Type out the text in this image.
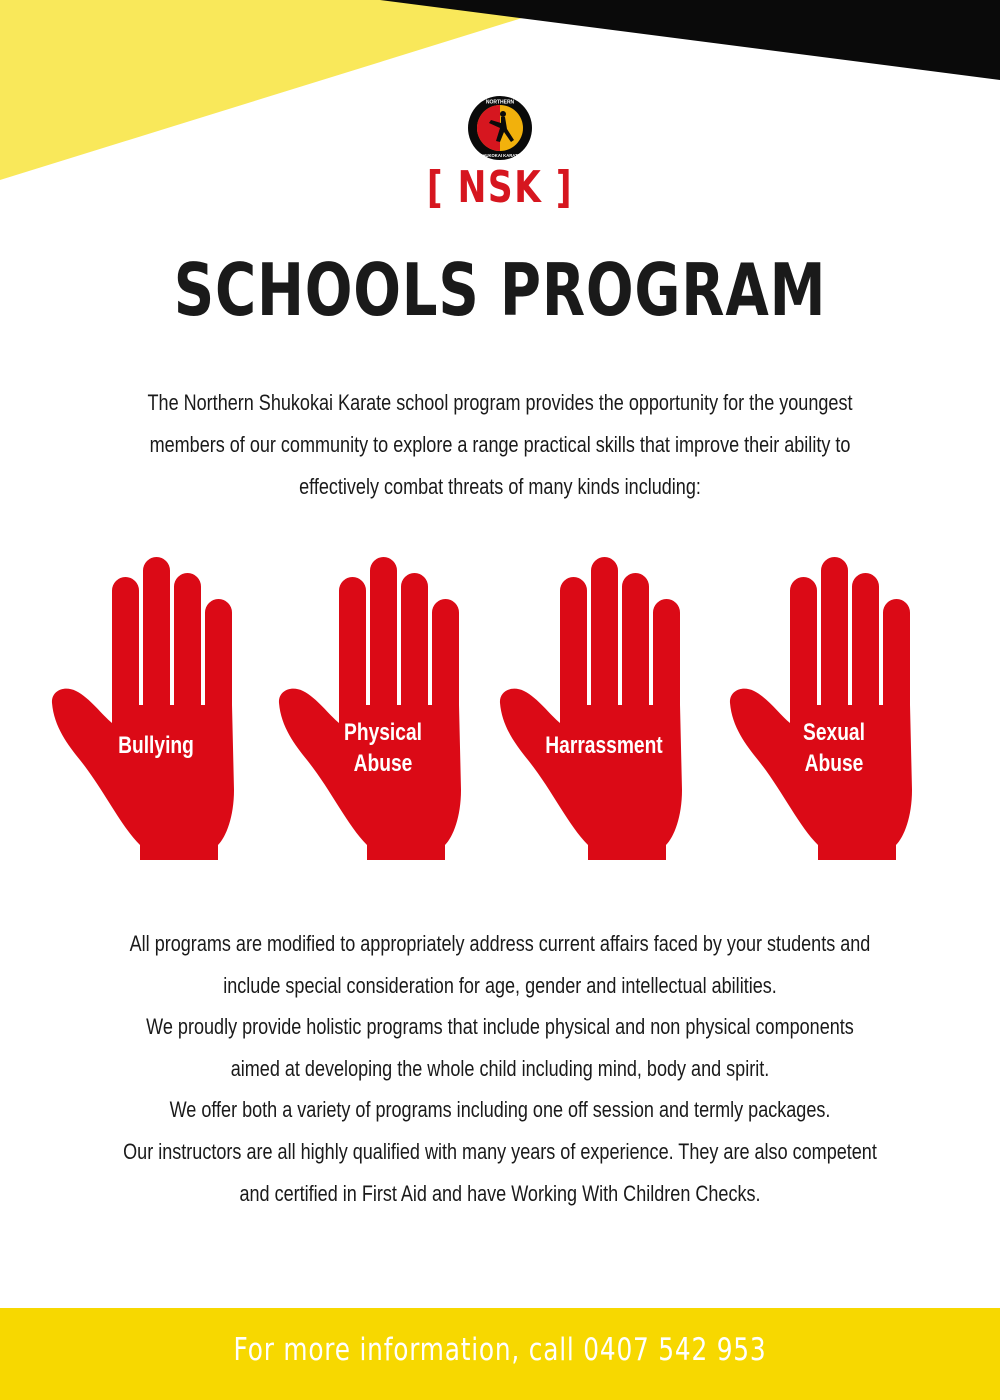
NORTHERN
SHUKOKAI KARATE
[ NSK ]
SCHOOLS PROGRAM

The Northern Shukokai Karate school program provides the opportunity for the youngest members of our community to explore a range practical skills that improve their ability to effectively combat threats of many kinds including:

Bullying	Physical
Abuse
Harrassment	Sexual
Abuse

All programs are modified to appropriately address current affairs faced by your students and include special consideration for age, gender and intellectual abilities.

We proudly provide holistic programs that include physical and non physical components aimed at developing the whole child including mind, body and spirit.

We offer both a variety of programs including one off session and termly packages.

Our instructors are all highly qualified with many years of experience. They are also competent and certified in First Aid and have Working With Children Checks.

For more information, call 0407 542 953
